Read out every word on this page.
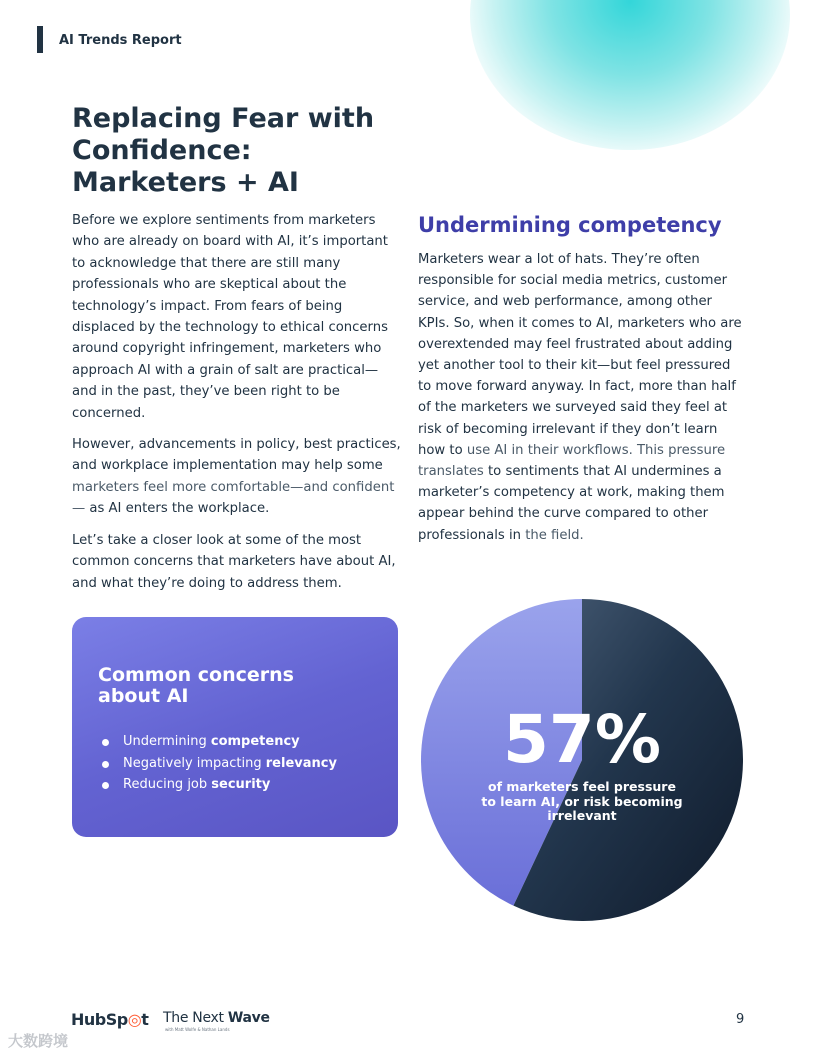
AI Trends Report
Replacing Fear with
Confidence:
Marketers + AI

Before we explore sentiments from marketers who are already on board with AI, it’s important to acknowledge that there are still many professionals who are skeptical about the technology’s impact. From fears of being displaced by the technology to ethical concerns around copyright infringement, marketers who approach AI with a grain of salt are practical—and in the past, they’ve been right to be concerned.

However, advancements in policy, best practices, and workplace implementation may help some marketers feel more comfortable—and confident— as AI enters the workplace.

Let’s take a closer look at some of the most common concerns that marketers have about AI, and what they’re doing to address them.

Undermining competency

Marketers wear a lot of hats. They’re often responsible for social media metrics, customer service, and web performance, among other KPIs. So, when it comes to AI, marketers who are overextended may feel frustrated about adding yet another tool to their kit—but feel pressured to move forward anyway. In fact, more than half of the marketers we surveyed said they feel at risk of becoming irrelevant if they don’t learn how to use AI in their workflows. This pressure translates to sentiments that AI undermines a marketer’s competency at work, making them appear behind the curve compared to other professionals in the field.

Common concerns
about AI
Undermining competency
Negatively impacting relevancy
Reducing job security
57%
of marketers feel pressure
to learn AI, or risk becoming
irrelevant
HubSp◎t The Next Wave
with Matt Wolfe & Nathan Lands
9
大数跨境
